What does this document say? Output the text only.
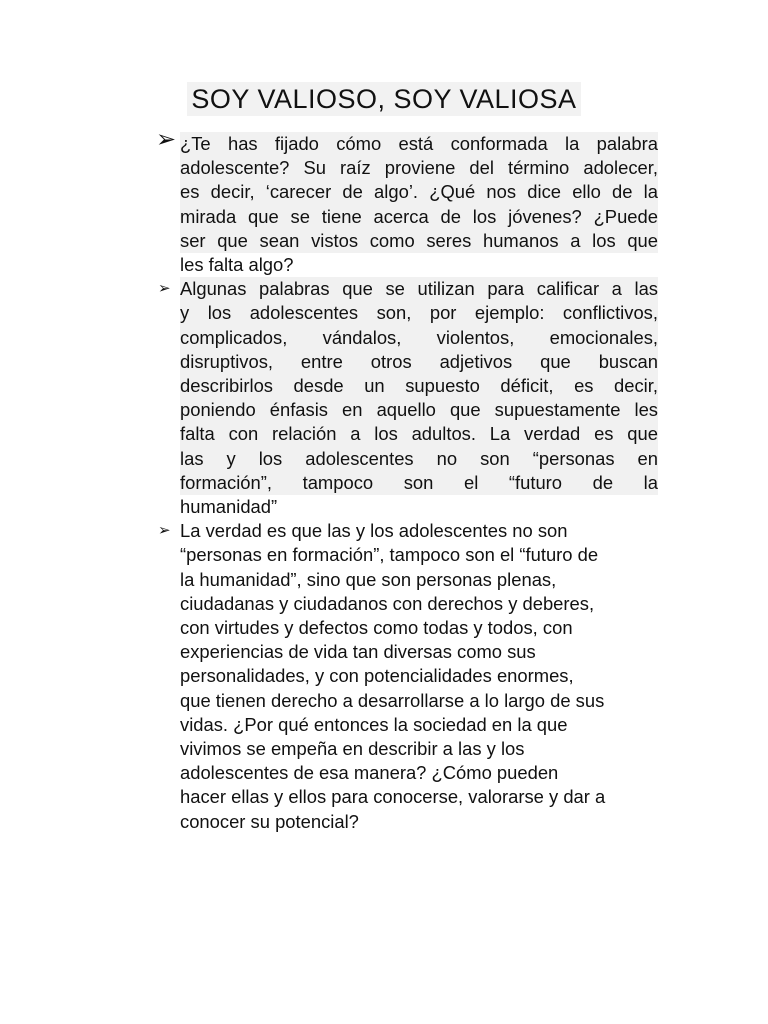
SOY VALIOSO, SOY VALIOSA
➢ ¿Te has fijado cómo está conformada la palabra
adolescente? Su raíz proviene del término adolecer,
es decir, ‘carecer de algo’. ¿Qué nos dice ello de la
mirada que se tiene acerca de los jóvenes? ¿Puede
ser que sean vistos como seres humanos a los que
les falta algo?
➢ Algunas palabras que se utilizan para calificar a las
y los adolescentes son, por ejemplo: conflictivos,
complicados, vándalos, violentos, emocionales,
disruptivos, entre otros adjetivos que buscan
describirlos desde un supuesto déficit, es decir,
poniendo énfasis en aquello que supuestamente les
falta con relación a los adultos. La verdad es que
las y los adolescentes no son “personas en
formación”, tampoco son el “futuro de la
humanidad”
➢ La verdad es que las y los adolescentes no son
“personas en formación”, tampoco son el “futuro de
la humanidad”, sino que son personas plenas,
ciudadanas y ciudadanos con derechos y deberes,
con virtudes y defectos como todas y todos, con
experiencias de vida tan diversas como sus
personalidades, y con potencialidades enormes,
que tienen derecho a desarrollarse a lo largo de sus
vidas. ¿Por qué entonces la sociedad en la que
vivimos se empeña en describir a las y los
adolescentes de esa manera? ¿Cómo pueden
hacer ellas y ellos para conocerse, valorarse y dar a
conocer su potencial?
